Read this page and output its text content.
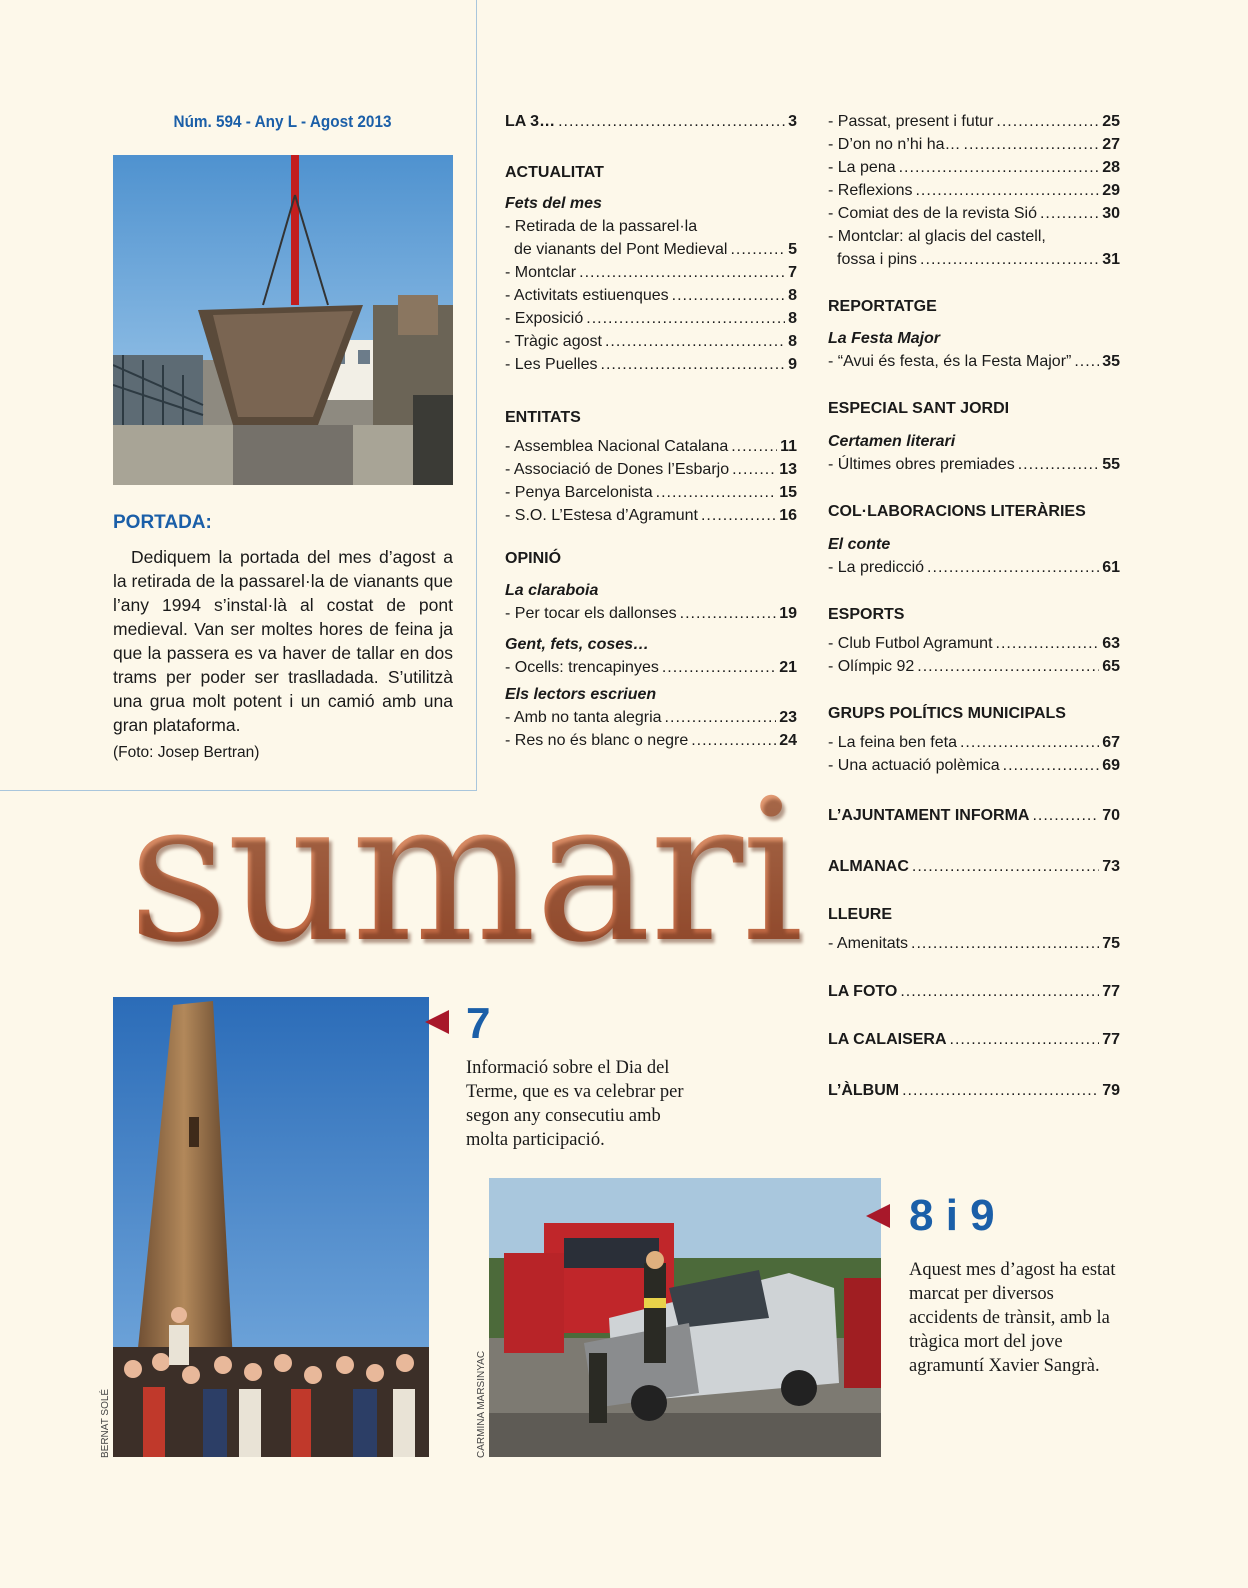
Núm. 594 - Any L - Agost 2013
PORTADA:
Dediquem la portada del mes d’agost a la retirada de la passarel·la de vianants que l’any 1994 s’instal·là al costat de pont medieval. Van ser moltes hores de feina ja que la passera es va haver de tallar en dos trams per poder ser traslladada. S’utilitzà una grua molt potent i un camió amb una gran plataforma.
(Foto: Josep Bertran)
LA 3… .....	3
ACTUALITAT
Fets del mes
- Retirada de la passarel·la
de vianants del Pont Medieval .....	5
- Montclar .....	7
- Activitats estiuenques .....	8
- Exposició .....	8
- Tràgic agost .....	8
- Les Puelles .....	9
ENTITATS
- Assemblea Nacional Catalana .....	11
- Associació de Dones l’Esbarjo .....	13
- Penya Barcelonista .....	15
- S.O. L’Estesa d’Agramunt .....	16
OPINIÓ
La claraboia
- Per tocar els dallonses .....	19
Gent, fets, coses…
- Ocells: trencapinyes .....	21
Els lectors escriuen
- Amb no tanta alegria .....	23
- Res no és blanc o negre .....	24
- Passat, present i futur .....	25
- D’on no n’hi ha… .....	27
- La pena .....	28
- Reflexions .....	29
- Comiat des de la revista Sió .....	30
- Montclar: al glacis del castell,
fossa i pins .....	31
REPORTATGE
La Festa Major
- “Avui és festa, és la Festa Major” ..... 35
ESPECIAL SANT JORDI
Certamen literari
- Últimes obres premiades .....	55
COL·LABORACIONS LITERÀRIES
El conte
- La predicció .....	61
ESPORTS
- Club Futbol Agramunt .....	63
- Olímpic 92 .....	65
GRUPS POLÍTICS MUNICIPALS
- La feina ben feta .....	67
- Una actuació polèmica .....	69
L’AJUNTAMENT INFORMA .....	70
ALMANAC .....	73
LLEURE
- Amenitats .....	75
LA FOTO .....	77
LA CALAISERA .....	77
L’ÀLBUM .....	79
sumari
BERNAT SOLÉ
7
Informació sobre el Dia del Terme, que es va celebrar per segon any consecutiu amb molta participació.
CARMINA MARSINYAC
8 i 9
Aquest mes d’agost ha estat marcat per diversos accidents de trànsit, amb la tràgica mort del jove agramuntí Xavier Sangrà.
